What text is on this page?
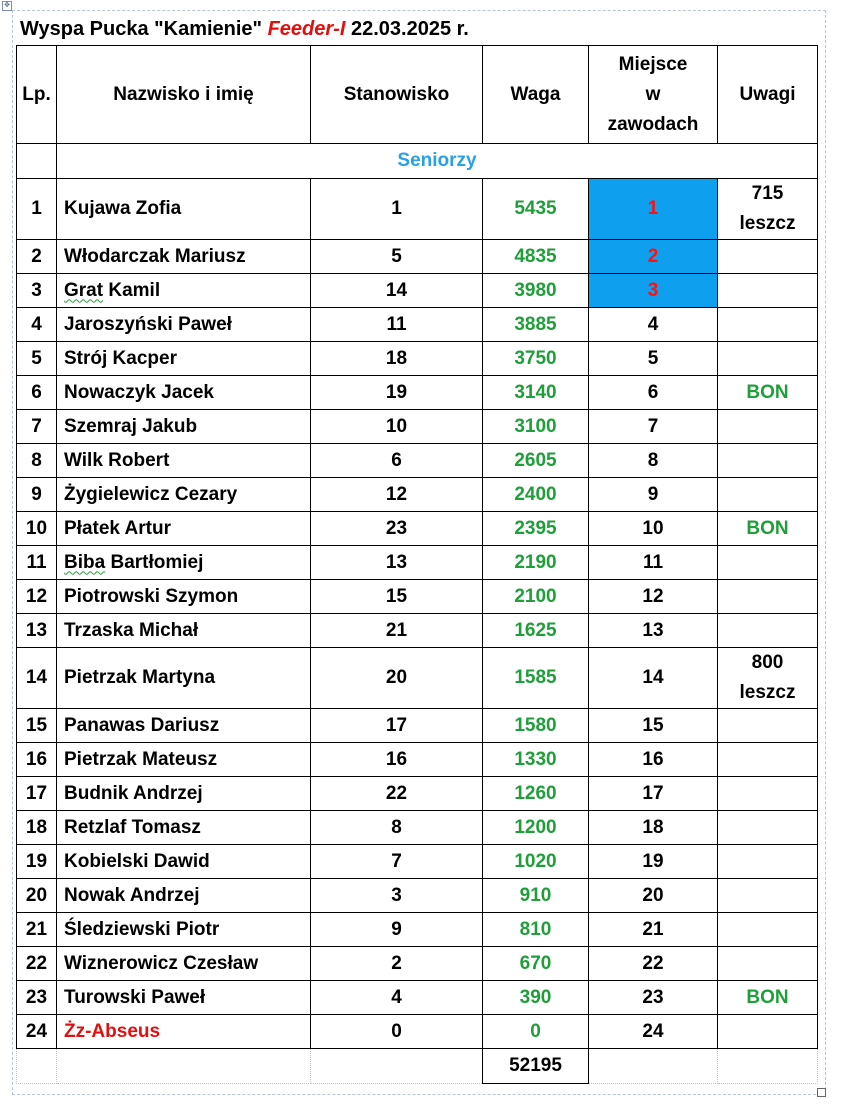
✥
Wyspa Pucka "Kamienie" Feeder-I 22.03.2025 r.
Lp.	Nazwisko i imię	Stanowisko	Waga	Miejsce
w
zawodach	Uwagi
	Seniorzy				
1	Kujawa Zofia	1	5435	1	715
leszcz
2	Włodarczak Mariusz	5	4835	2	
3	Grat Kamil	14	3980	3	
4	Jaroszyński Paweł	11	3885	4	
5	Strój Kacper	18	3750	5	
6	Nowaczyk Jacek	19	3140	6	BON
7	Szemraj Jakub	10	3100	7	
8	Wilk Robert	6	2605	8	
9	Żygielewicz Cezary	12	2400	9	
10	Płatek Artur	23	2395	10	BON
11	Biba Bartłomiej	13	2190	11	
12	Piotrowski Szymon	15	2100	12	
13	Trzaska Michał	21	1625	13	
14	Pietrzak Martyna	20	1585	14	800
leszcz
15	Panawas Dariusz	17	1580	15	
16	Pietrzak Mateusz	16	1330	16	
17	Budnik Andrzej	22	1260	17	
18	Retzlaf Tomasz	8	1200	18	
19	Kobielski Dawid	7	1020	19	
20	Nowak Andrzej	3	910	20	
21	Śledziewski Piotr	9	810	21	
22	Wiznerowicz Czesław	2	670	22	
23	Turowski Paweł	4	390	23	BON
24	Żz-Abseus	0	0	24	
			52195		
